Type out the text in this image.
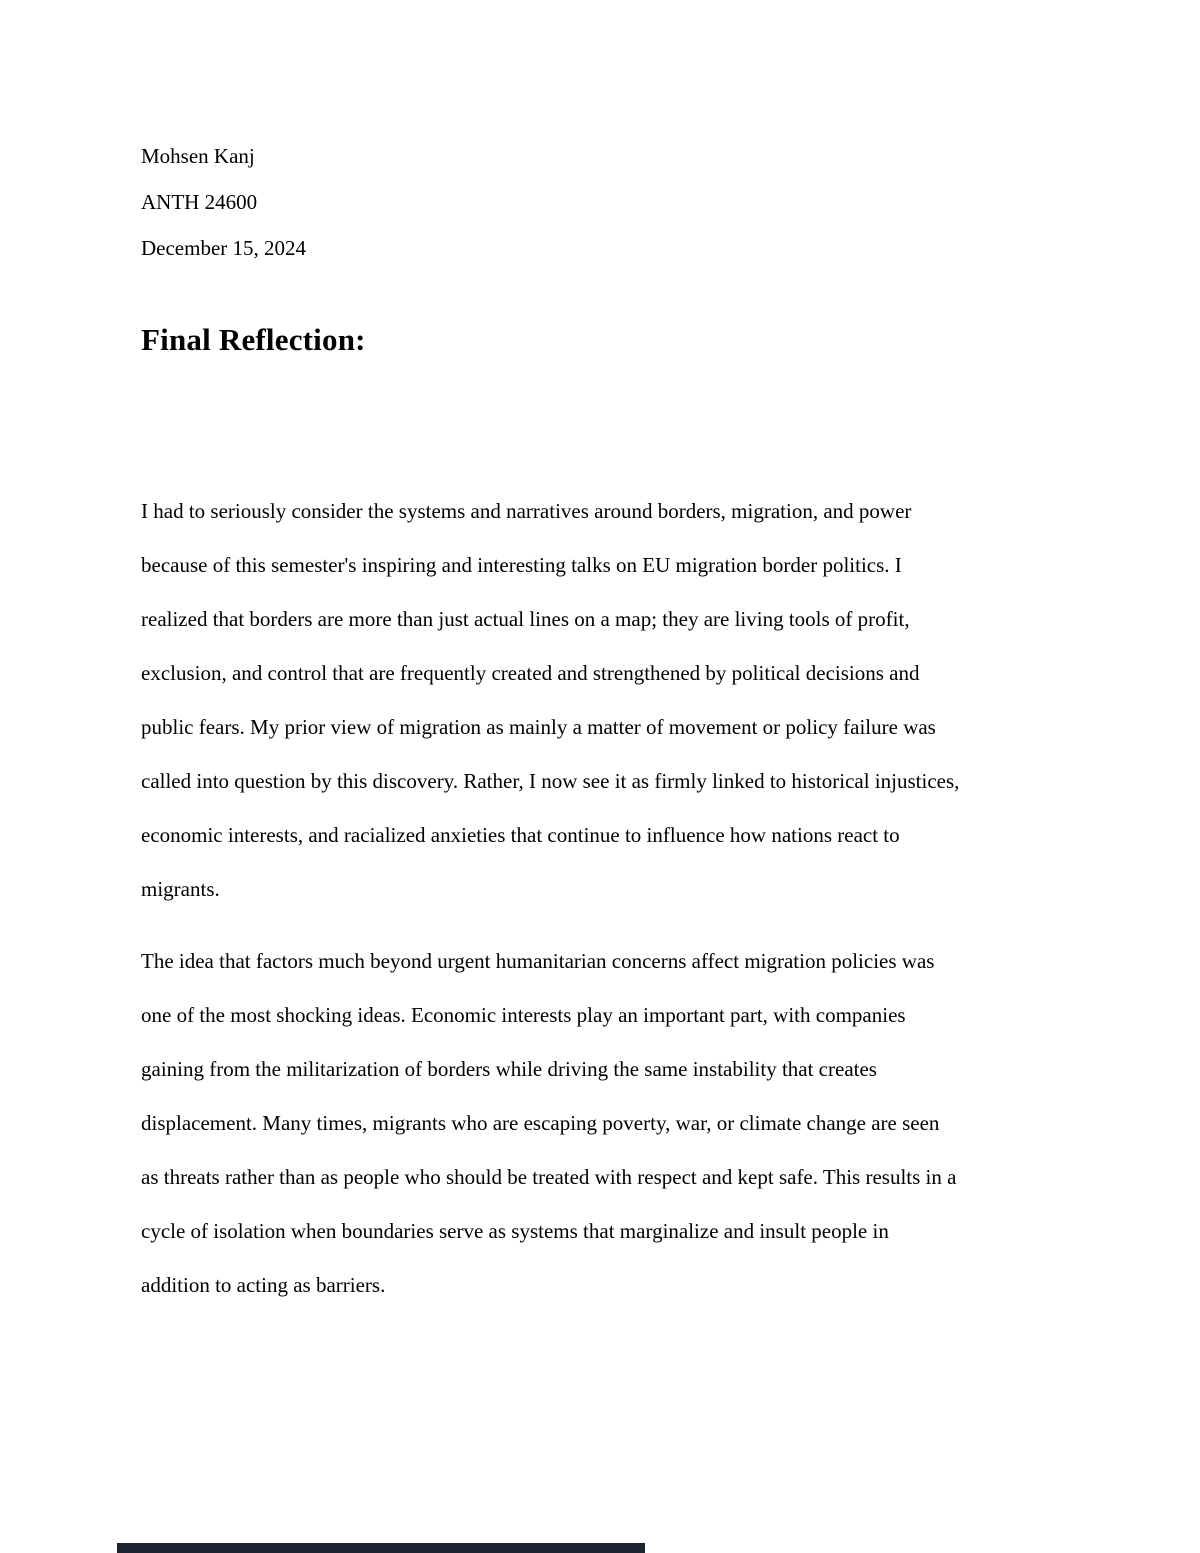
Mohsen Kanj
ANTH 24600
December 15, 2024
Final Reflection:
I had to seriously consider the systems and narratives around borders, migration, and power
because of this semester's inspiring and interesting talks on EU migration border politics. I
realized that borders are more than just actual lines on a map; they are living tools of profit,
exclusion, and control that are frequently created and strengthened by political decisions and
public fears. My prior view of migration as mainly a matter of movement or policy failure was
called into question by this discovery. Rather, I now see it as firmly linked to historical injustices,
economic interests, and racialized anxieties that continue to influence how nations react to
migrants.
The idea that factors much beyond urgent humanitarian concerns affect migration policies was
one of the most shocking ideas. Economic interests play an important part, with companies
gaining from the militarization of borders while driving the same instability that creates
displacement. Many times, migrants who are escaping poverty, war, or climate change are seen
as threats rather than as people who should be treated with respect and kept safe. This results in a
cycle of isolation when boundaries serve as systems that marginalize and insult people in
addition to acting as barriers.
